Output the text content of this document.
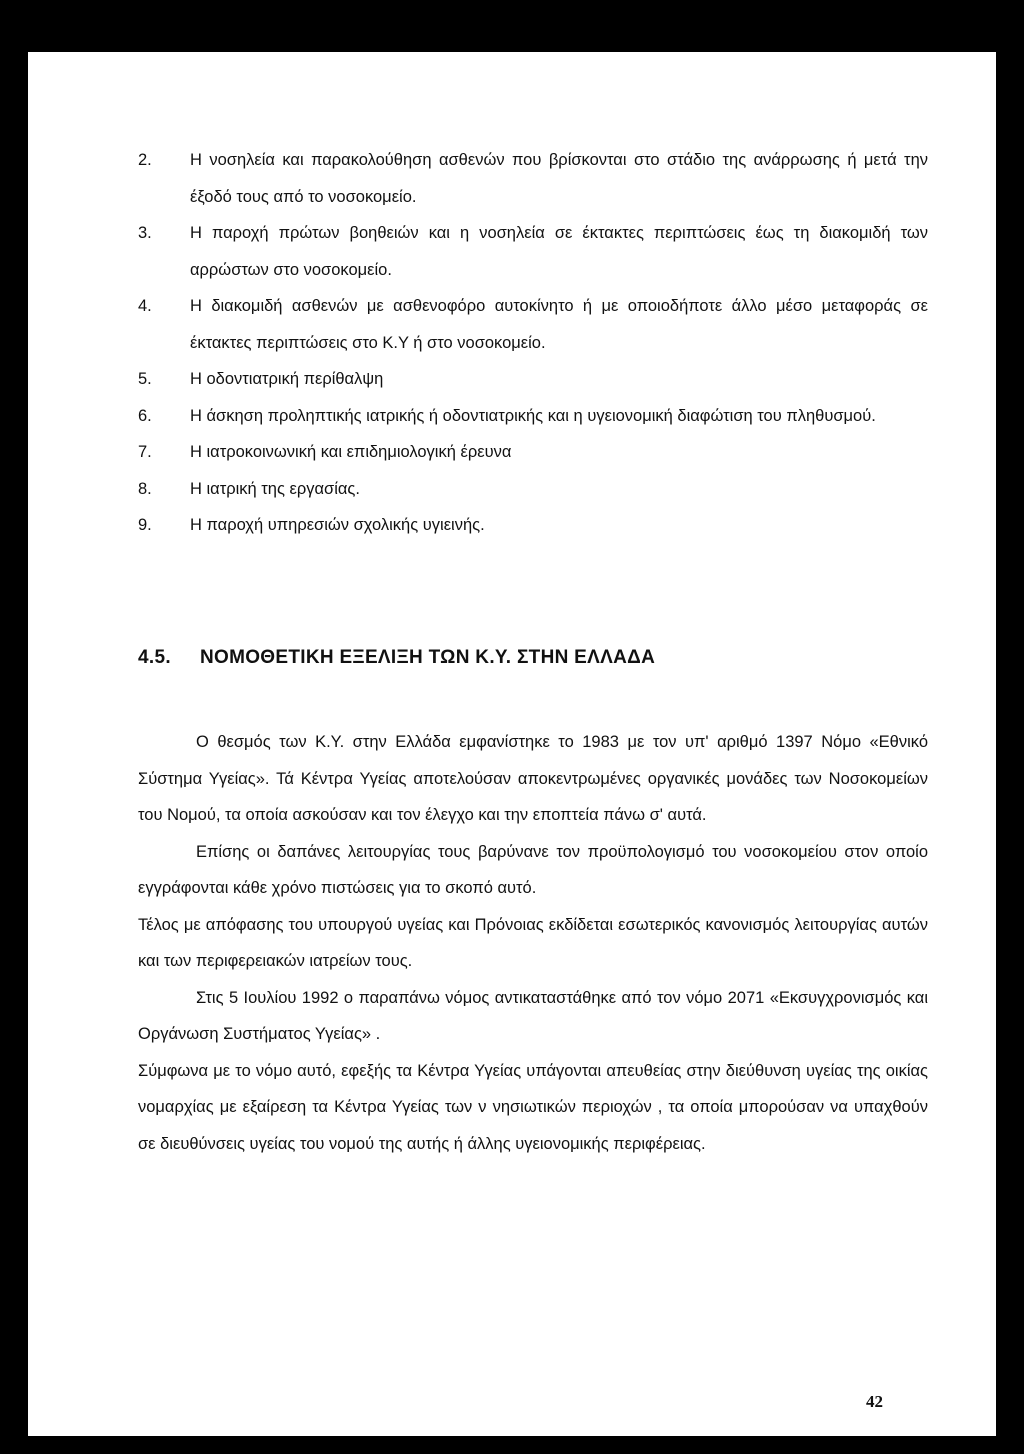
2.	Η νοσηλεία και παρακολούθηση ασθενών που βρίσκονται στο στάδιο της ανάρρωσης ή μετά την έξοδό τους από το νοσοκομείο.
3.	Η παροχή πρώτων βοηθειών και η νοσηλεία σε έκτακτες περιπτώσεις έως τη διακομιδή των αρρώστων στο νοσοκομείο.
4.	Η διακομιδή ασθενών με ασθενοφόρο αυτοκίνητο ή με οποιοδήποτε άλλο μέσο μεταφοράς σε έκτακτες περιπτώσεις στο Κ.Υ ή στο νοσοκομείο.
5.	Η οδοντιατρική περίθαλψη
6.	Η άσκηση προληπτικής ιατρικής ή οδοντιατρικής και η υγειονομική διαφώτιση του πληθυσμού.
7.	Η ιατροκοινωνική και επιδημιολογική έρευνα
8.	Η ιατρική της εργασίας.
9.	Η παροχή υπηρεσιών σχολικής υγιεινής.
4.5. ΝΟΜΟΘΕΤΙΚΗ ΕΞΕΛΙΞΗ ΤΩΝ Κ.Υ. ΣΤΗΝ ΕΛΛΑΔΑ

Ο θεσμός των Κ.Υ. στην Ελλάδα εμφανίστηκε το 1983 με τον υπ' αριθμό 1397 Νόμο «Εθνικό Σύστημα Υγείας». Τά Κέντρα Υγείας αποτελούσαν αποκεντρωμένες οργανικές μονάδες των Νοσοκομείων του Νομού, τα οποία ασκούσαν και τον έλεγχο και την εποπτεία πάνω σ' αυτά.

Επίσης οι δαπάνες λειτουργίας τους βαρύνανε τον προϋπολογισμό του νοσοκομείου στον οποίο εγγράφονται κάθε χρόνο πιστώσεις για το σκοπό αυτό.

Τέλος με απόφασης του υπουργού υγείας και Πρόνοιας εκδίδεται εσωτερικός κανονισμός λειτουργίας αυτών και των περιφερειακών ιατρείων τους.

Στις 5 Ιουλίου 1992 ο παραπάνω νόμος αντικαταστάθηκε από τον νόμο 2071 «Εκσυγχρονισμός και Οργάνωση Συστήματος Υγείας» .

Σύμφωνα με το νόμο αυτό, εφεξής τα Κέντρα Υγείας υπάγονται απευθείας στην διεύθυνση υγείας της οικίας νομαρχίας με εξαίρεση τα Κέντρα Υγείας των ν νησιωτικών περιοχών , τα οποία μπορούσαν να υπαχθούν σε διευθύνσεις υγείας του νομού της αυτής ή άλλης υγειονομικής περιφέρειας.

42
